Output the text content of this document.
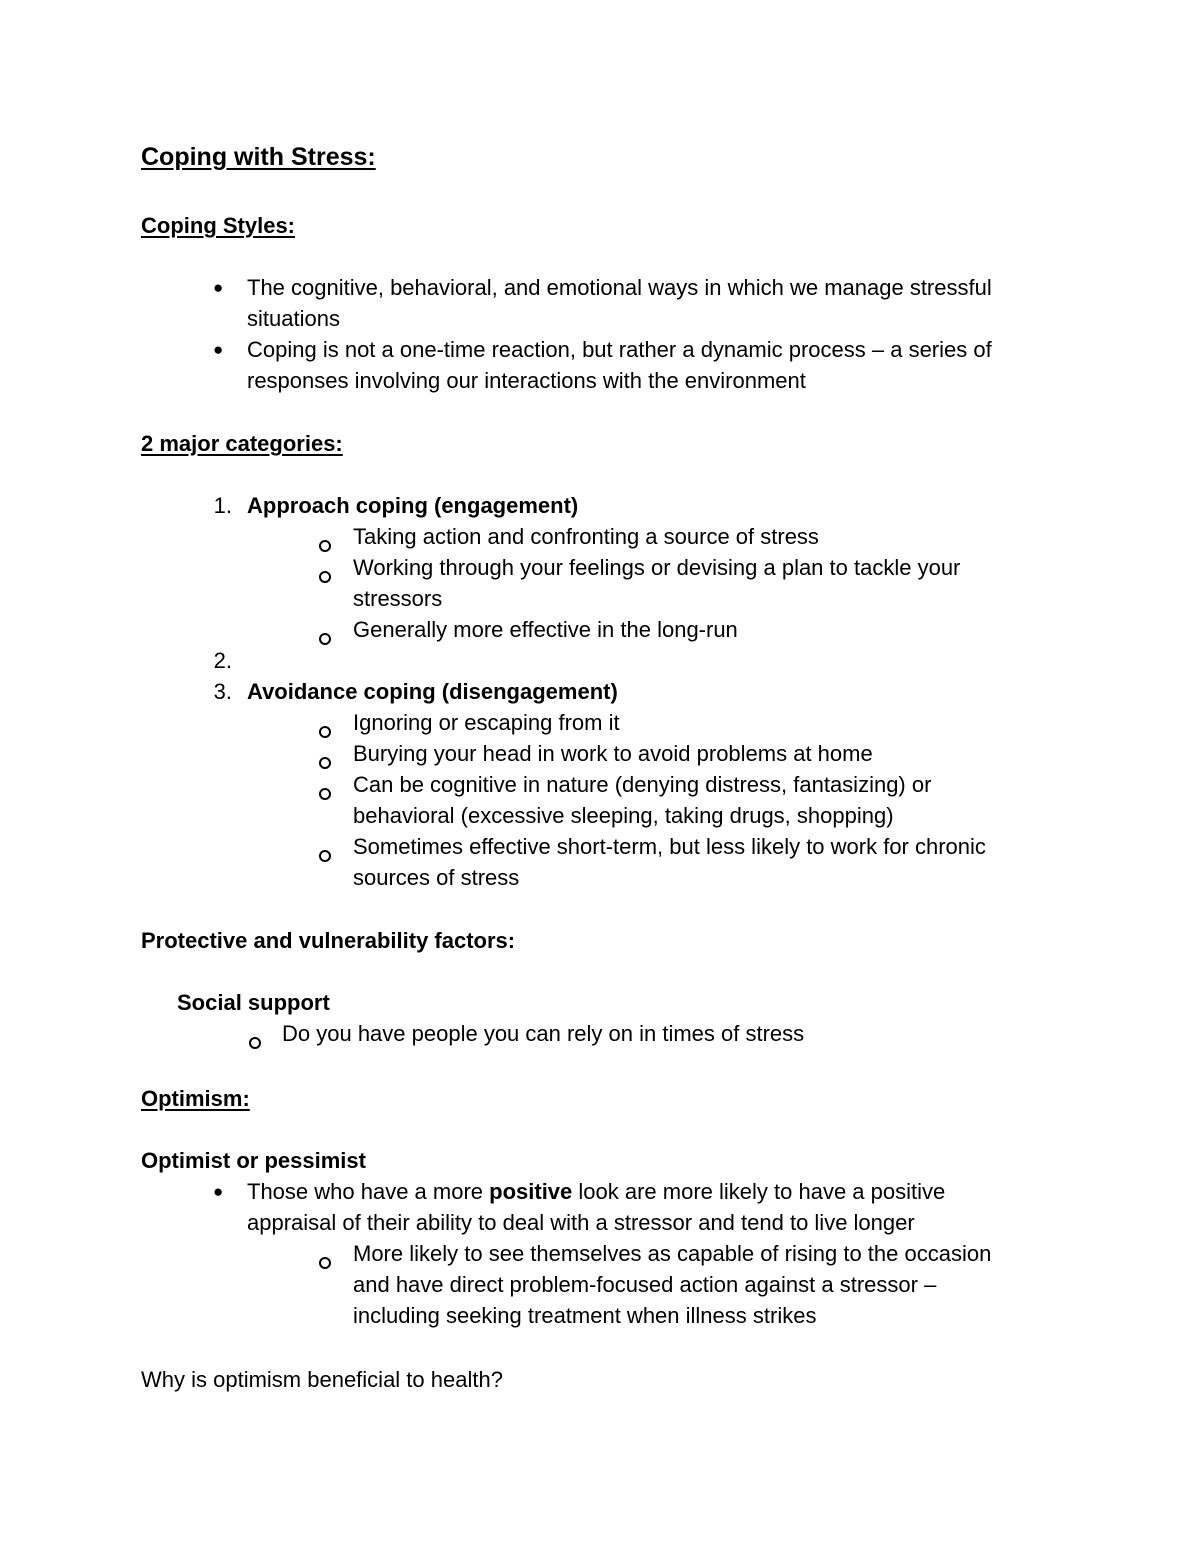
Coping with Stress:
Coping Styles:
● The cognitive, behavioral, and emotional ways in which we manage stressful

situations

● Coping is not a one-time reaction, but rather a dynamic process – a series of

responses involving our interactions with the environment

2 major categories:
1. Approach coping (engagement)

Taking action and confronting a source of stress

Working through your feelings or devising a plan to tackle your

stressors

Generally more effective in the long-run

2.
3. Avoidance coping (disengagement)

Ignoring or escaping from it

Burying your head in work to avoid problems at home

Can be cognitive in nature (denying distress, fantasizing) or

behavioral (excessive sleeping, taking drugs, shopping)

Sometimes effective short-term, but less likely to work for chronic

sources of stress

Protective and vulnerability factors:
Social support

Do you have people you can rely on in times of stress

Optimism:
Optimist or pessimist
● Those who have a more positive look are more likely to have a positive

appraisal of their ability to deal with a stressor and tend to live longer

More likely to see themselves as capable of rising to the occasion

and have direct problem-focused action against a stressor –

including seeking treatment when illness strikes

Why is optimism beneficial to health?
